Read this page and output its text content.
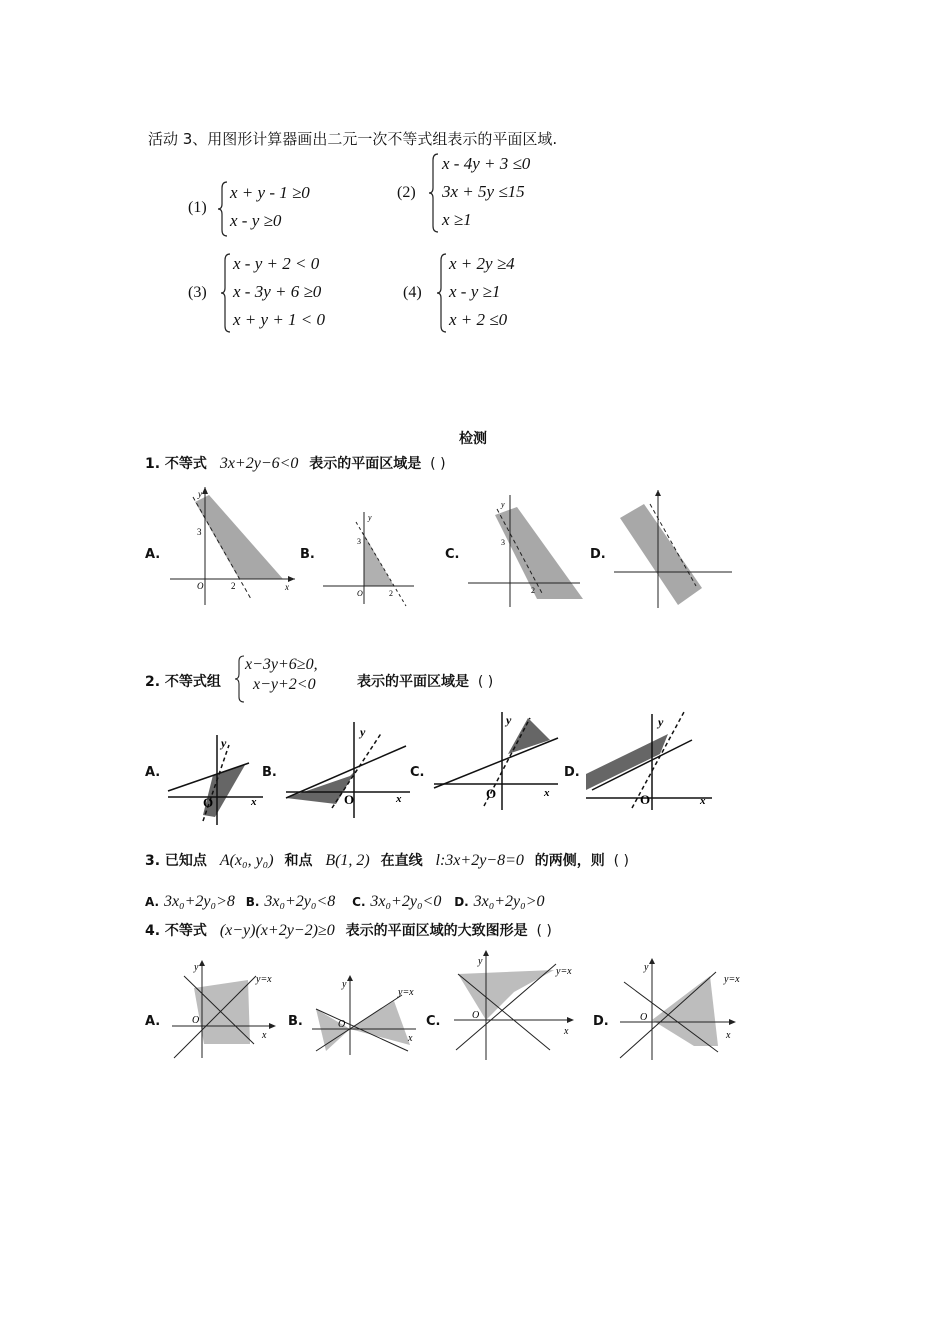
活动 3、用图形计算器画出二元一次不等式组表示的平面区域.
(1)
x + y - 1 ≥0
x - y ≥0
(2)
x - 4y + 3 ≤0
3x + 5y ≤15
x ≥1
(3)
x - y + 2 < 0
x - 3y + 6 ≥0
x + y + 1 < 0
(4)
x + 2y ≥4
x - y ≥1
x + 2 ≤0
检测
1. 不等式 3x+2y−6<0 表示的平面区域是 ( )
A.	B.	C.	D.
y
3
O	2	x
y
3
O	2
y
3
2
2. 不等式组
x−3y+6≥0,
x−y+2<0	表示的平面区域是 ( )
A.	B.	C.	D.
y
O	x
y
O	x
y
O	x
y
O	x
3. 已知点 A(x₀, y₀) 和点 B(1, 2) 在直线 l:3x+2y−8=0 的两侧，则 ( )
A. 3x₀+2y₀>8 B. 3x₀+2y₀<8 C. 3x₀+2y₀<0 D. 3x₀+2y₀>0
4. 不等式 (x−y)(x+2y−2)≥0 表示的平面区域的大致图形是 ( )
A.	B.	C.	D.
y
y=x
O
x
y
y=x
O
x
y
y=x
O
x
y
y=x
O
x
